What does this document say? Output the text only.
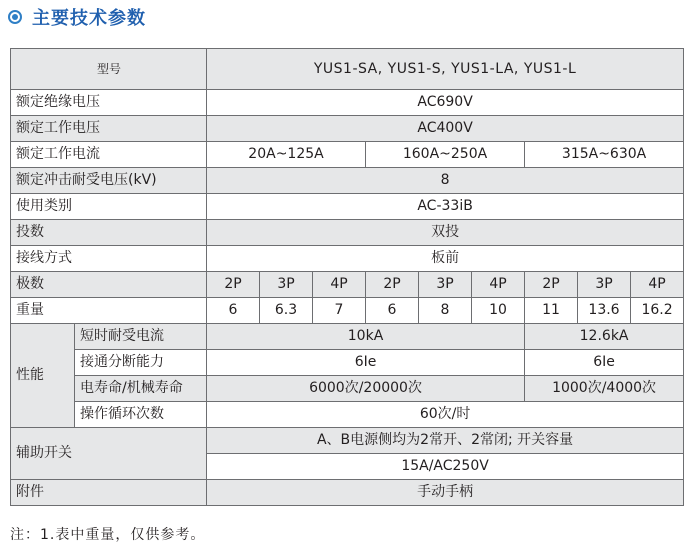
主要技术参数
型号		YUS1-SA, YUS1-S, YUS1-LA, YUS1-L								
额定绝缘电压		AC690V								
额定工作电压		AC400V								
额定工作电流		20A~125A			160A~250A			315A~630A		
额定冲击耐受电压(kV)		8								
使用类别		AC-33iB								
投数		双投								
接线方式		板前								
极数		2P	3P	4P	2P	3P	4P	2P	3P	4P
重量		6	6.3	7	6	8	10	11	13.6	16.2
性能	短时耐受电流	10kA						12.6kA		
	接通分断能力	6Ie						6Ie		
	电寿命/机械寿命	6000次/20000次						1000次/4000次		
	操作循环次数	60次/时								
辅助开关		A、B电源侧均为2常开、2常闭; 开关容量								
		15A/AC250V								
附件		手动手柄								
注：1.表中重量，仅供参考。
